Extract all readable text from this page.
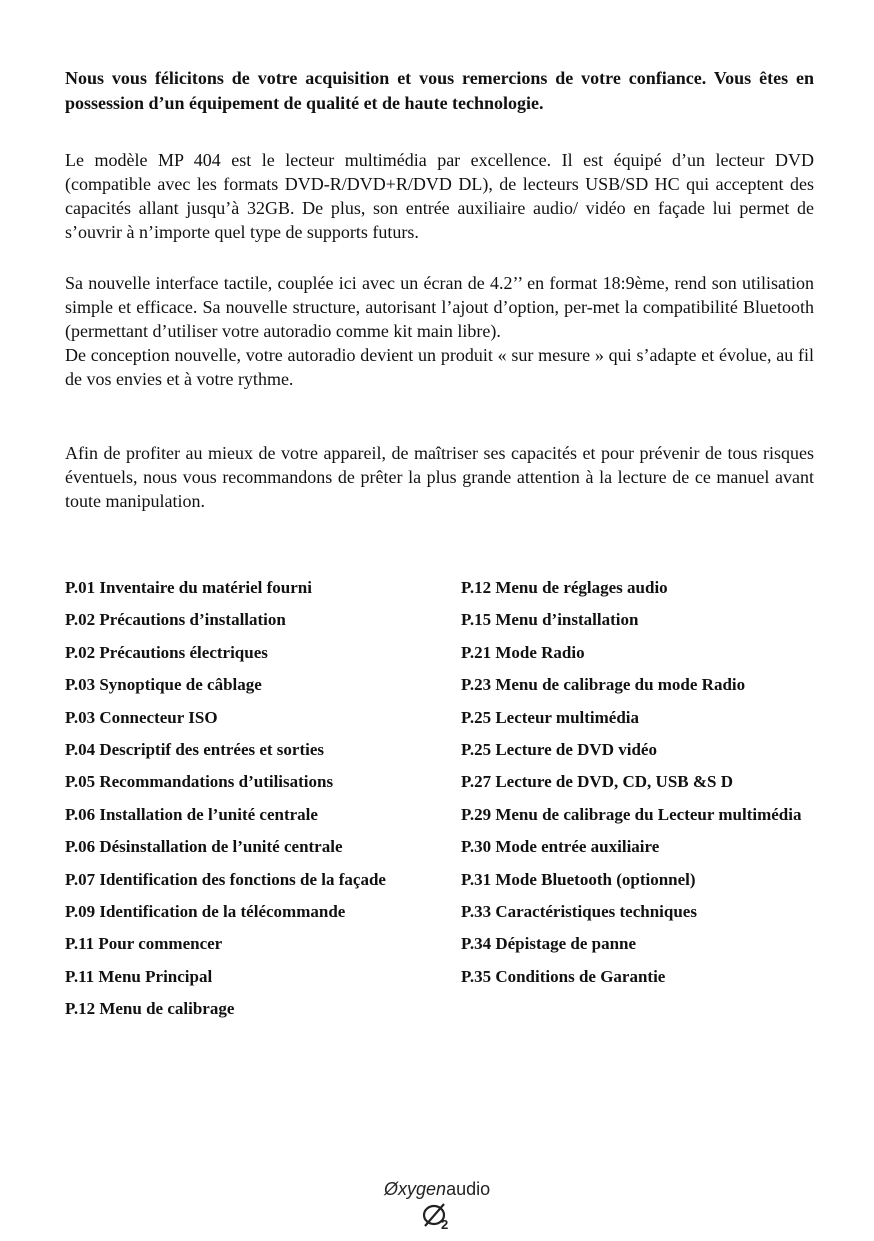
Nous vous félicitons de votre acquisition et vous remercions de votre confiance. Vous êtes en possession d’un équipement de qualité et de haute technologie.

Le modèle MP 404 est le lecteur multimédia par excellence. Il est équipé d’un lecteur DVD (compatible avec les formats DVD-R/DVD+R/DVD DL), de lecteurs USB/SD HC qui acceptent des capacités allant jusqu’à 32GB. De plus, son entrée auxiliaire audio/ vidéo en façade lui permet de s’ouvrir à n’importe quel type de supports futurs.

Sa nouvelle interface tactile, couplée ici avec un écran de 4.2’’ en format 18:9ème, rend son utilisation simple et efficace. Sa nouvelle structure, autorisant l’ajout d’option, per-met la compatibilité Bluetooth (permettant d’utiliser votre autoradio comme kit main libre).

De conception nouvelle, votre autoradio devient un produit « sur mesure » qui s’adapte et évolue, au fil de vos envies et à votre rythme.

Afin de profiter au mieux de votre appareil, de maîtriser ses capacités et pour prévenir de tous risques éventuels, nous vous recommandons de prêter la plus grande attention à la lecture de ce manuel avant toute manipulation.

P.01 Inventaire du matériel fourni
P.02 Précautions d’installation
P.02 Précautions électriques
P.03 Synoptique de câblage
P.03 Connecteur ISO
P.04 Descriptif des entrées et sorties
P.05 Recommandations d’utilisations
P.06 Installation de l’unité centrale
P.06 Désinstallation de l’unité centrale
P.07 Identification des fonctions de la façade
P.09 Identification de la télécommande
P.11 Pour commencer
P.11 Menu Principal
P.12 Menu de calibrage
P.12 Menu de réglages audio
P.15 Menu d’installation
P.21 Mode Radio
P.23 Menu de calibrage du mode Radio
P.25 Lecteur multimédia
P.25 Lecture de DVD vidéo
P.27 Lecture de DVD, CD, USB &S D
P.29 Menu de calibrage du Lecteur multimédia
P.30 Mode entrée auxiliaire
P.31 Mode Bluetooth (optionnel)
P.33 Caractéristiques techniques
P.34 Dépistage de panne
P.35 Conditions de Garantie
Øxygenaudio
2
